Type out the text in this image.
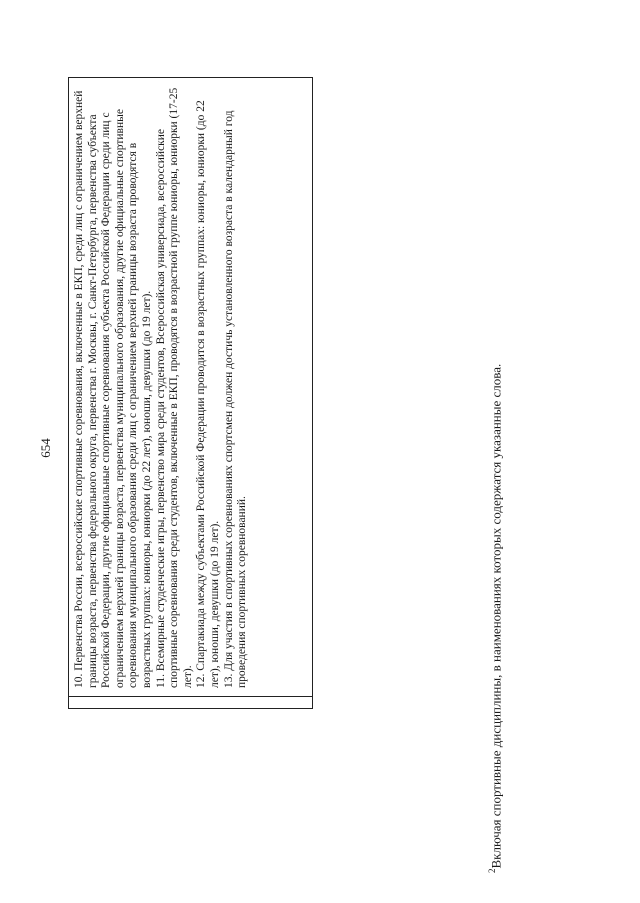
654 10. Первенства России, всероссийские спортивные соревнования, включенные в ЕКП, среди лиц с ограничением верхней границы возраста, первенства федерального округа, первенства г. Москвы, г. Санкт-Петербурга, первенства субъекта Российской Федерации, другие официальные спортивные соревнования субъекта Российской Федерации среди лиц с ограничением верхней границы возраста, первенства муниципального образования, другие официальные спортивные соревнования муниципального образования среди лиц с ограничением верхней границы возраста проводятся в возрастных группах: юниоры, юниорки (до 22 лет), юноши, девушки (до 19 лет). 11. Всемирные студенческие игры, первенство мира среди студентов, Всероссийская универсиада, всероссийские спортивные соревнования среди студентов, включенные в ЕКП, проводятся в возрастной группе юниоры, юниорки (17-25 лет). 12. Спартакиада между субъектами Российской Федерации проводится в возрастных группах: юниоры, юниорки (до 22 лет), юноши, девушки (до 19 лет). 13. Для участия в спортивных соревнованиях спортсмен должен достичь установленного возраста в календарный год проведения спортивных соревнований.

$^2$Включая спортивные дисциплины, в наименованиях которых содержатся указанные слова.
